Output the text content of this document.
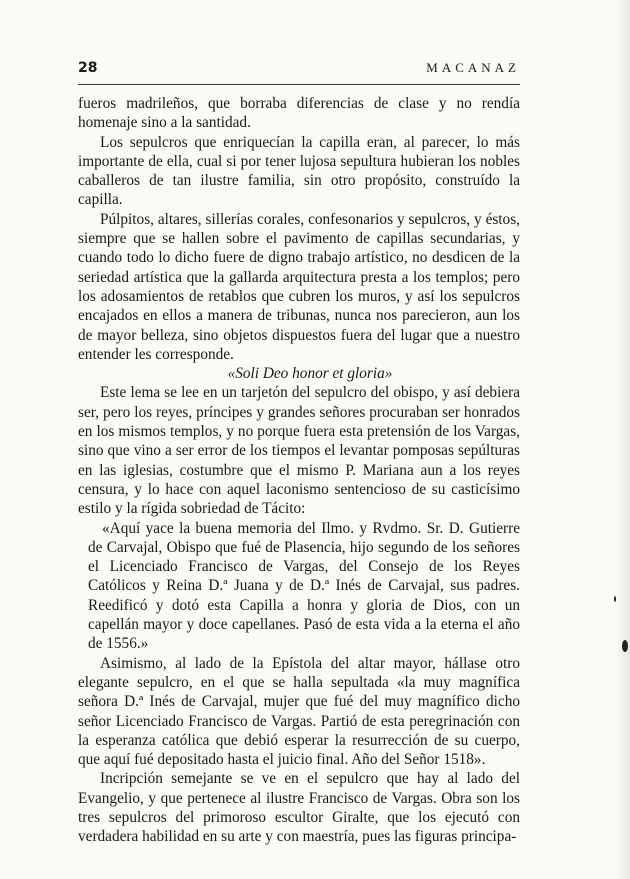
28	MACANAZ

fueros madrileños, que borraba diferencias de clase y no rendía homenaje sino a la santidad.

Los sepulcros que enriquecían la capilla eran, al parecer, lo más importante de ella, cual si por tener lujosa sepultura hubieran los nobles caballeros de tan ilustre familia, sin otro propósito, construído la capilla.

Púlpitos, altares, sillerías corales, confesonarios y sepulcros, y éstos, siempre que se hallen sobre el pavimento de capillas secundarias, y cuando todo lo dicho fuere de digno trabajo artístico, no desdicen de la seriedad artística que la gallarda arquitectura presta a los templos; pero los adosamientos de retablos que cubren los muros, y así los sepulcros encajados en ellos a manera de tribunas, nunca nos parecieron, aun los de mayor belleza, sino objetos dispuestos fuera del lugar que a nuestro entender les corresponde.

«Soli Deo honor et gloria»

Este lema se lee en un tarjetón del sepulcro del obispo, y así debiera ser, pero los reyes, príncipes y grandes señores procuraban ser honrados en los mismos templos, y no porque fuera esta pretensión de los Vargas, sino que vino a ser error de los tiempos el levantar pomposas sepúlturas en las iglesias, costumbre que el mismo P. Mariana aun a los reyes censura, y lo hace con aquel laconismo sentencioso de su casticísimo estilo y la rígida sobriedad de Tácito:

«Aquí yace la buena memoria del Ilmo. y Rvdmo. Sr. D. Gutierre de Carvajal, Obispo que fué de Plasencia, hijo segundo de los señores el Licenciado Francisco de Vargas, del Consejo de los Reyes Católicos y Reina D.ª Juana y de D.ª Inés de Carvajal, sus padres. Reedificó y dotó esta Capilla a honra y gloria de Dios, con un capellán mayor y doce capellanes. Pasó de esta vida a la eterna el año de 1556.»

Asimismo, al lado de la Epístola del altar mayor, hállase otro elegante sepulcro, en el que se halla sepultada «la muy magnífica señora D.ª Inés de Carvajal, mujer que fué del muy magnífico dicho señor Licenciado Francisco de Vargas. Partió de esta peregrinación con la esperanza católica que debió esperar la resurrección de su cuerpo, que aquí fué depositado hasta el juicio final. Año del Señor 1518».

Incripción semejante se ve en el sepulcro que hay al lado del Evangelio, y que pertenece al ilustre Francisco de Vargas. Obra son los tres sepulcros del primoroso escultor Giralte, que los ejecutó con verdadera habilidad en su arte y con maestría, pues las figuras principa-
